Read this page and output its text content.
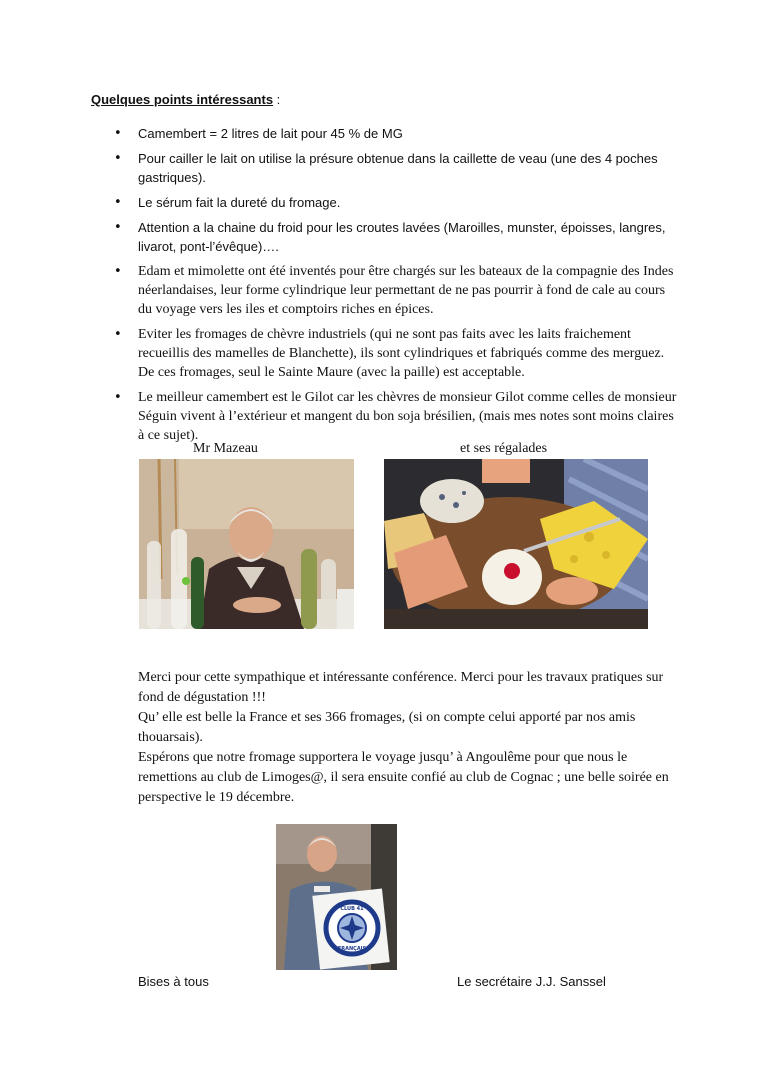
Quelques points intéressants :
• Camembert = 2 litres de lait pour 45 % de MG
• Pour cailler le lait on utilise la présure obtenue dans la caillette de veau (une des 4 poches gastriques).
• Le sérum fait la dureté du fromage.
• Attention a la chaine du froid pour les croutes lavées (Maroilles, munster, époisses, langres, livarot, pont-l’évêque)….
• Edam et mimolette ont été inventés pour être chargés sur les bateaux de la compagnie des Indes néerlandaises, leur forme cylindrique leur permettant de ne pas pourrir à fond de cale au cours du voyage vers les iles et comptoirs riches en épices.
• Eviter les fromages de chèvre industriels (qui ne sont pas faits avec les laits fraichement recueillis des mamelles de Blanchette), ils sont cylindriques et fabriqués comme des merguez. De ces fromages, seul le Sainte Maure (avec la paille) est acceptable.
• Le meilleur camembert est le Gilot car les chèvres de monsieur Gilot comme celles de monsieur Séguin vivent à l’extérieur et mangent du bon soja brésilien, (mais mes notes sont moins claires à ce sujet).
Mr Mazeau	et ses régalades

Merci pour cette sympathique et intéressante conférence. Merci pour les travaux pratiques sur fond de dégustation !!!

Qu’ elle est belle la France et ses 366 fromages, (si on compte celui apporté par nos amis thouarsais).

Espérons que notre fromage supportera le voyage jusqu’ à Angoulême pour que nous le remettions au club de Limoges@, il sera ensuite confié au club de Cognac ; une belle soirée en perspective le 19 décembre.

CLUB 41
FRANÇAIS
Bises à tous	Le secrétaire J.J. Sanssel
